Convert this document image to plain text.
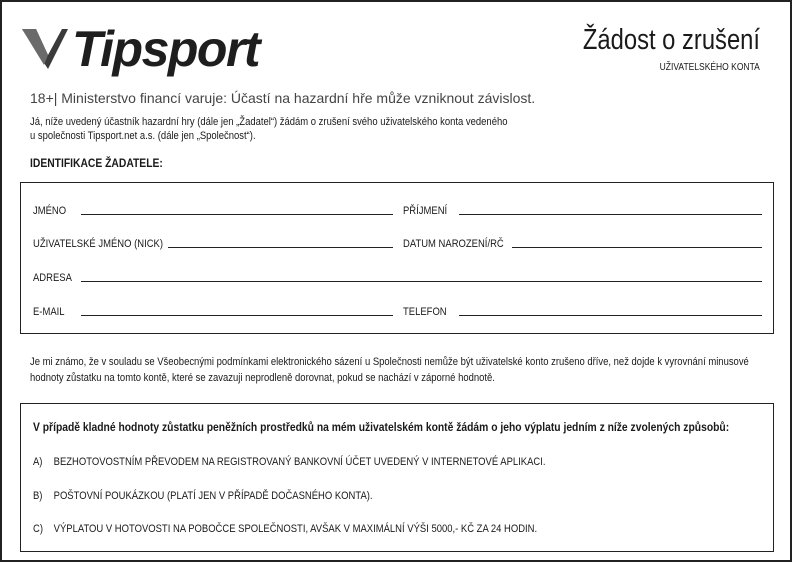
Tipsport	Žádost o zrušení
UŽIVATELSKÉHO KONTA
18+| Ministerstvo financí varuje: Účastí na hazardní hře může vzniknout závislost.
Já, níže uvedený účastník hazardní hry (dále jen „Žadatel“) žádám o zrušení svého uživatelského konta vedeného u společnosti Tipsport.net a.s. (dále jen „Společnost“).
IDENTIFIKACE ŽADATELE:
JMÉNO	PŘÍJMENÍ
UŽIVATELSKÉ JMÉNO (NICK)	DATUM NAROZENÍ/RČ
ADRESA
E-MAIL	TELEFON
Je mi známo, že v souladu se Všeobecnými podmínkami elektronického sázení u Společnosti nemůže být uživatelské konto zrušeno dříve, než dojde k vyrovnání minusové hodnoty zůstatku na tomto kontě, které se zavazuji neprodleně dorovnat, pokud se nachází v záporné hodnotě.
V případě kladné hodnoty zůstatku peněžních prostředků na mém uživatelském kontě žádám o jeho výplatu jedním z níže zvolených způsobů:
A) BEZHOTOVOSTNÍM PŘEVODEM NA REGISTROVANÝ BANKOVNÍ ÚČET UVEDENÝ V INTERNETOVÉ APLIKACI.
B) POŠTOVNÍ POUKÁZKOU (PLATÍ JEN V PŘÍPADĚ DOČASNÉHO KONTA).
C) VÝPLATOU V HOTOVOSTI NA POBOČCE SPOLEČNOSTI, AVŠAK V MAXIMÁLNÍ VÝŠI 5000,- KČ ZA 24 HODIN.
